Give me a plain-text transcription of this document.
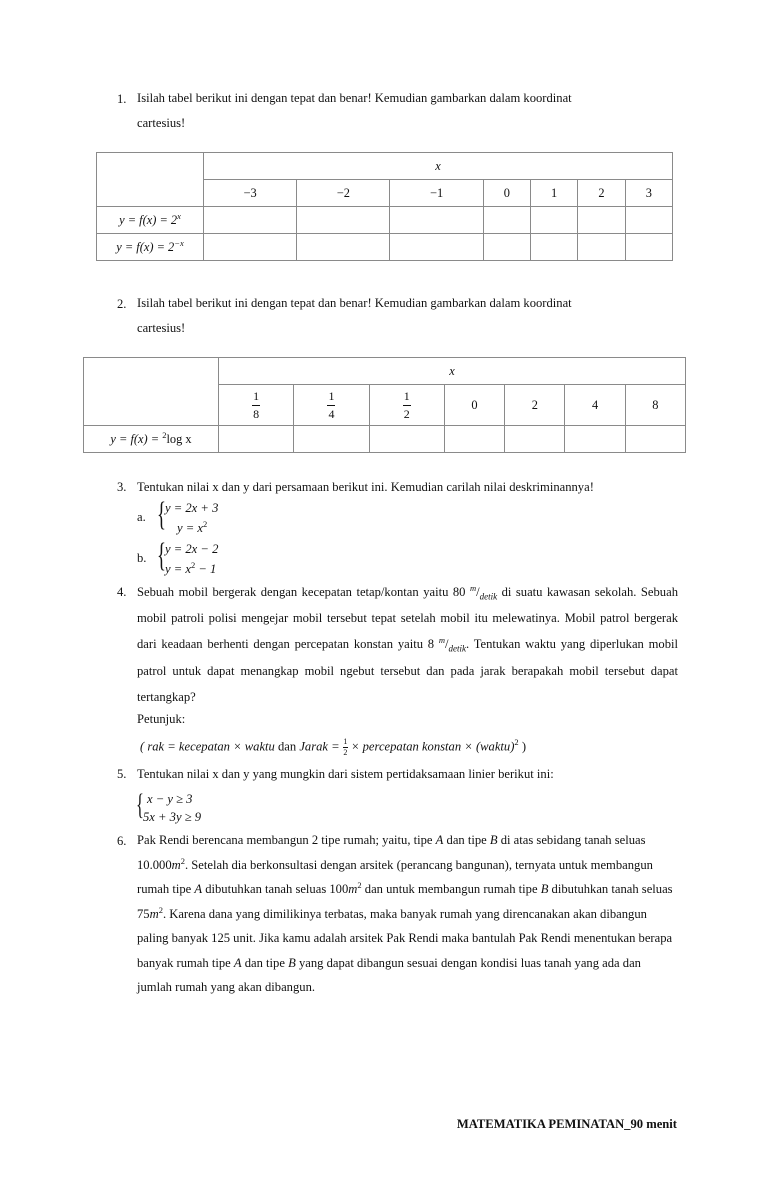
1. Isilah tabel berikut ini dengan tepat dan benar! Kemudian gambarkan dalam koordinat
cartesius!
	x						
	−3	−2	−1	0	1	2	3
$y = f(x) = 2^x$							
$y = f(x) = 2^{-x}$							
2. Isilah tabel berikut ini dengan tepat dan benar! Kemudian gambarkan dalam koordinat
cartesius!
	x						

	$\frac{1}{8}$	$\frac{1}{4}$	$\frac{1}{2}$	0	2	4	8
y = f(x) = $^2$log x							
3. Tentukan nilai x dan y dari persamaan berikut ini. Kemudian carilah nilai deskriminannya!
a. { y = 2x + 3
$y = x^2$
b. { y = 2x − 2
$y = x^2 - 1$
4. Sebuah mobil bergerak dengan kecepatan tetap/kontan yaitu 80 $^m/_{detik}$ di suatu kawasan sekolah. Sebuah mobil patroli polisi mengejar mobil tersebut tepat setelah mobil itu melewatinya. Mobil patrol bergerak dari keadaan berhenti dengan percepatan konstan yaitu 8 $^m/_{detik}$. Tentukan waktu yang diperlukan mobil patrol untuk dapat menangkap mobil ngebut tersebut dan pada jarak berapakah mobil tersebut dapat tertangkap?
Petunjuk:
( rak = kecepatan × waktu dan Jarak = $\frac{1}{2}$ × percepatan konstan × (waktu)$^2$ )
5. Tentukan nilai x dan y yang mungkin dari sistem pertidaksamaan linier berikut ini:
{ x − y ≥ 3
5x + 3y ≥ 9
6. Pak Rendi berencana membangun 2 tipe rumah; yaitu, tipe A dan tipe B di atas sebidang tanah seluas $10.000m^2$. Setelah dia berkonsultasi dengan arsitek (perancang bangunan), ternyata untuk membangun rumah tipe A dibutuhkan tanah seluas $100m^2$ dan untuk membangun rumah tipe B dibutuhkan tanah seluas $75m^2$. Karena dana yang dimilikinya terbatas, maka banyak rumah yang direncanakan akan dibangun paling banyak 125 unit. Jika kamu adalah arsitek Pak Rendi maka bantulah Pak Rendi menentukan berapa banyak rumah tipe A dan tipe B yang dapat dibangun sesuai dengan kondisi luas tanah yang ada dan jumlah rumah yang akan dibangun.
MATEMATIKA PEMINATAN_90 menit
